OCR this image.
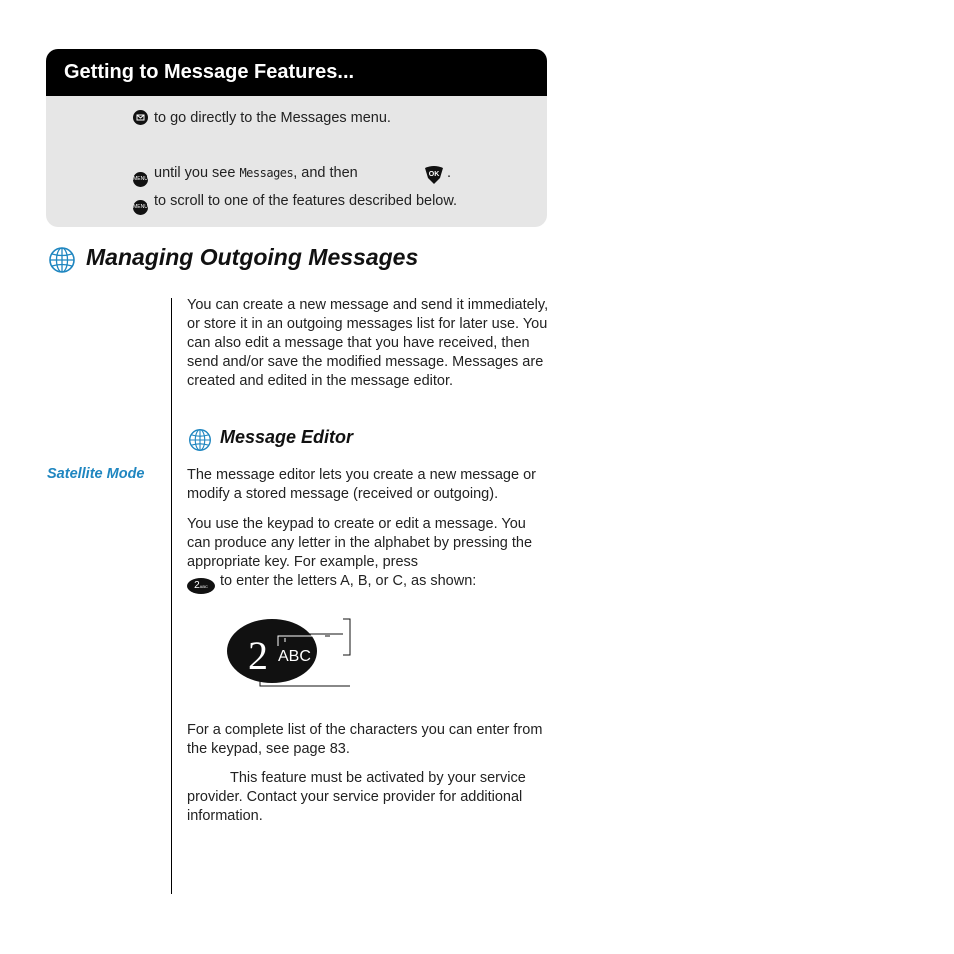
Getting to Message Features...
to go directly to the Messages menu.
MENU until you see Messages, and then	OK .
MENU to scroll to one of the features described below.
Managing Outgoing Messages

You can create a new message and send it immediately, or store it in an outgoing messages list for later use. You can also edit a message that you have received, then send and/or save the modified message. Messages are created and edited in the message editor.

Message Editor
Satellite Mode	The message editor lets you create a new message or modify a stored message (received or outgoing).

You use the keypad to create or edit a message. You can produce any letter in the alphabet by pressing the appropriate key. For example, press
2ABC to enter the letters A, B, or C, as shown:

2 ABC

For a complete list of the characters you can enter from the keypad, see page 83.

This feature must be activated by your service provider. Contact your service provider for additional information.
